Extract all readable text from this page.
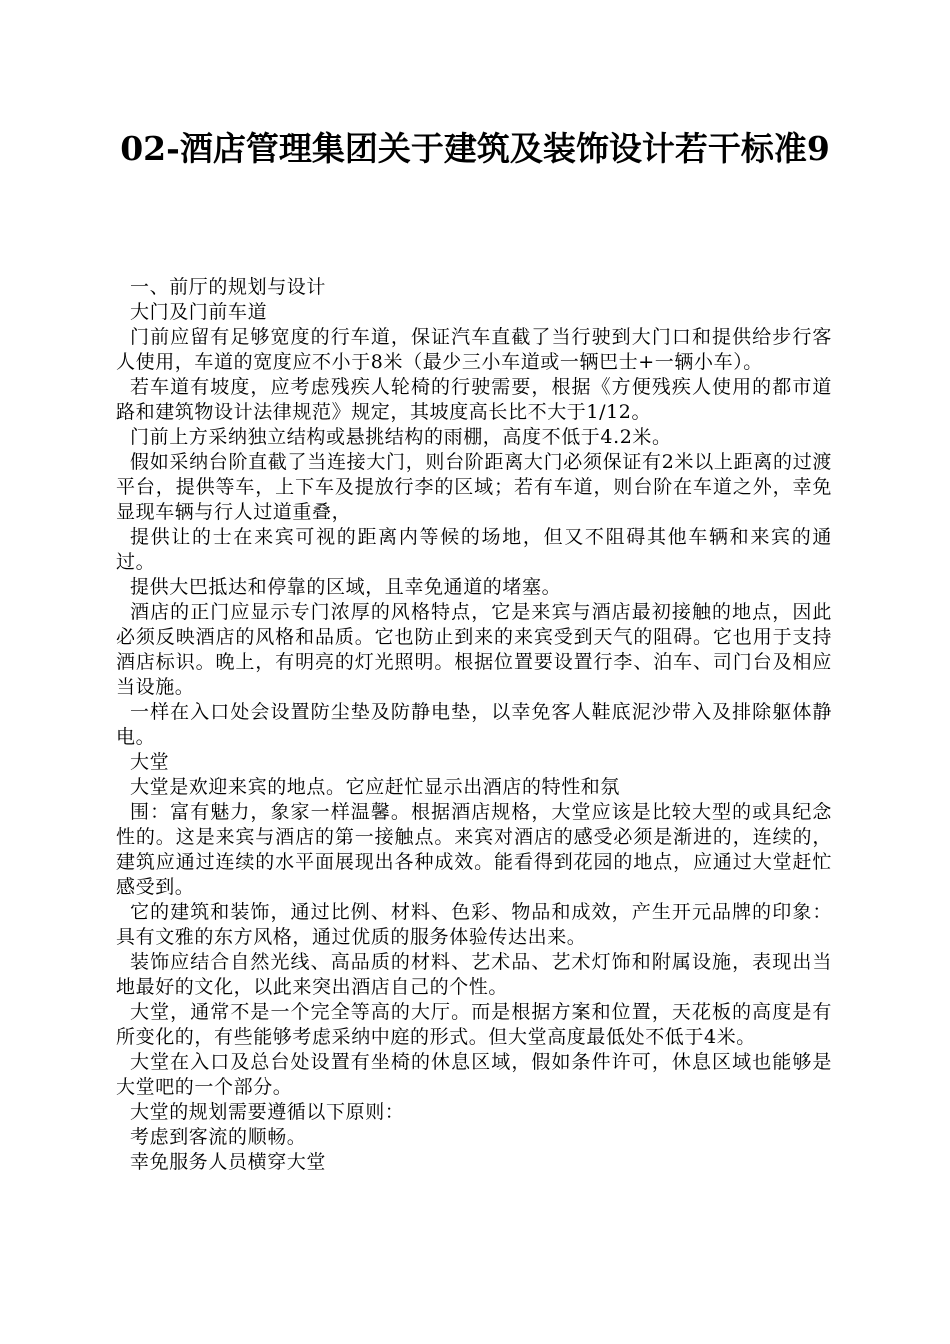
02-酒店管理集团关于建筑及装饰设计若干标准9

一、前厅的规划与设计

大门及门前车道

门前应留有足够宽度的行车道，保证汽车直截了当行驶到大门口和提供给步行客人使用，车道的宽度应不小于8米（最少三小车道或一辆巴士+一辆小车）。

若车道有坡度，应考虑残疾人轮椅的行驶需要，根据《方便残疾人使用的都市道路和建筑物设计法律规范》规定，其坡度高长比不大于1/12。

门前上方采纳独立结构或悬挑结构的雨棚，高度不低于4.2米。

假如采纳台阶直截了当连接大门，则台阶距离大门必须保证有2米以上距离的过渡平台，提供等车，上下车及提放行李的区域；若有车道，则台阶在车道之外，幸免显现车辆与行人过道重叠，

提供让的士在来宾可视的距离内等候的场地，但又不阻碍其他车辆和来宾的通过。

提供大巴抵达和停靠的区域，且幸免通道的堵塞。

酒店的正门应显示专门浓厚的风格特点，它是来宾与酒店最初接触的地点，因此必须反映酒店的风格和品质。它也防止到来的来宾受到天气的阻碍。它也用于支持酒店标识。晚上，有明亮的灯光照明。根据位置要设置行李、泊车、司门台及相应当设施。

一样在入口处会设置防尘垫及防静电垫，以幸免客人鞋底泥沙带入及排除躯体静电。

大堂

大堂是欢迎来宾的地点。它应赶忙显示出酒店的特性和氛

围：富有魅力，象家一样温馨。根据酒店规格，大堂应该是比较大型的或具纪念性的。这是来宾与酒店的第一接触点。来宾对酒店的感受必须是渐进的，连续的，建筑应通过连续的水平面展现出各种成效。能看得到花园的地点，应通过大堂赶忙感受到。

它的建筑和装饰，通过比例、材料、色彩、物品和成效，产生开元品牌的印象：具有文雅的东方风格，通过优质的服务体验传达出来。

装饰应结合自然光线、高品质的材料、艺术品、艺术灯饰和附属设施，表现出当地最好的文化，以此来突出酒店自己的个性。

大堂，通常不是一个完全等高的大厅。而是根据方案和位置，天花板的高度是有所变化的，有些能够考虑采纳中庭的形式。但大堂高度最低处不低于4米。

大堂在入口及总台处设置有坐椅的休息区域，假如条件许可，休息区域也能够是大堂吧的一个部分。

大堂的规划需要遵循以下原则：

考虑到客流的顺畅。

幸免服务人员横穿大堂
